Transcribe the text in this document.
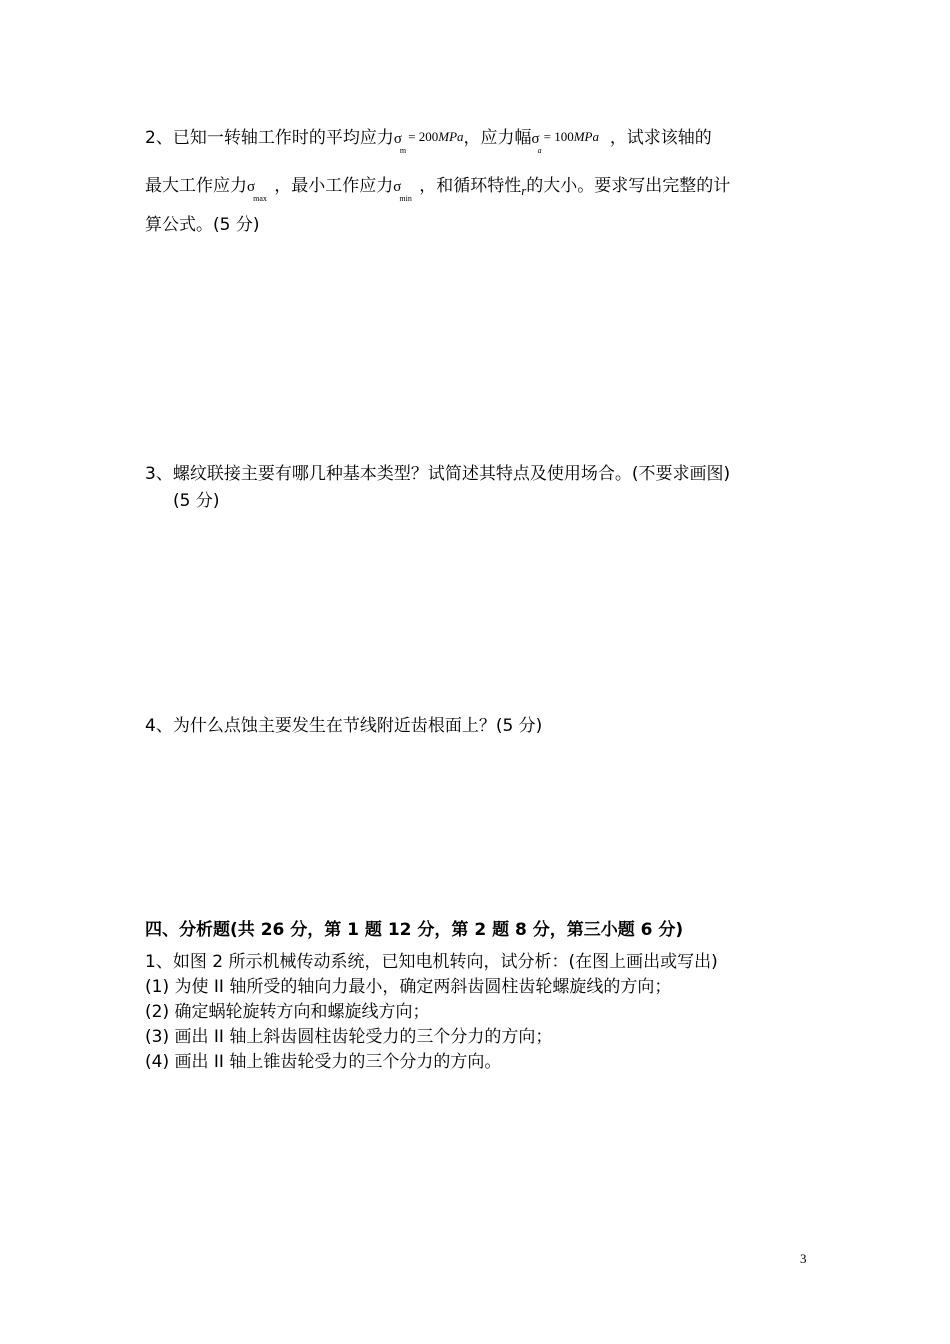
2、已知一转轴工作时的平均应力$\sigma_m= 200MPa$，应力幅$\sigma_a= 100MPa$ ，试求该轴的
最大工作应力$\sigma_{max}$ ，最小工作应力$\sigma_{min}$ ，和循环特性$_r$的大小。要求写出完整的计
算公式。(5 分)
3、螺纹联接主要有哪几种基本类型？试简述其特点及使用场合。(不要求画图)
(5 分)
4、为什么点蚀主要发生在节线附近齿根面上？(5 分)
四、分析题(共 26 分，第 1 题 12 分，第 2 题 8 分，第三小题 6 分)
1、如图 2 所示机械传动系统，已知电机转向，试分析：(在图上画出或写出)
(1) 为使 II 轴所受的轴向力最小，确定两斜齿圆柱齿轮螺旋线的方向；
(2) 确定蜗轮旋转方向和螺旋线方向；
(3) 画出 II 轴上斜齿圆柱齿轮受力的三个分力的方向；
(4) 画出 II 轴上锥齿轮受力的三个分力的方向。
3
